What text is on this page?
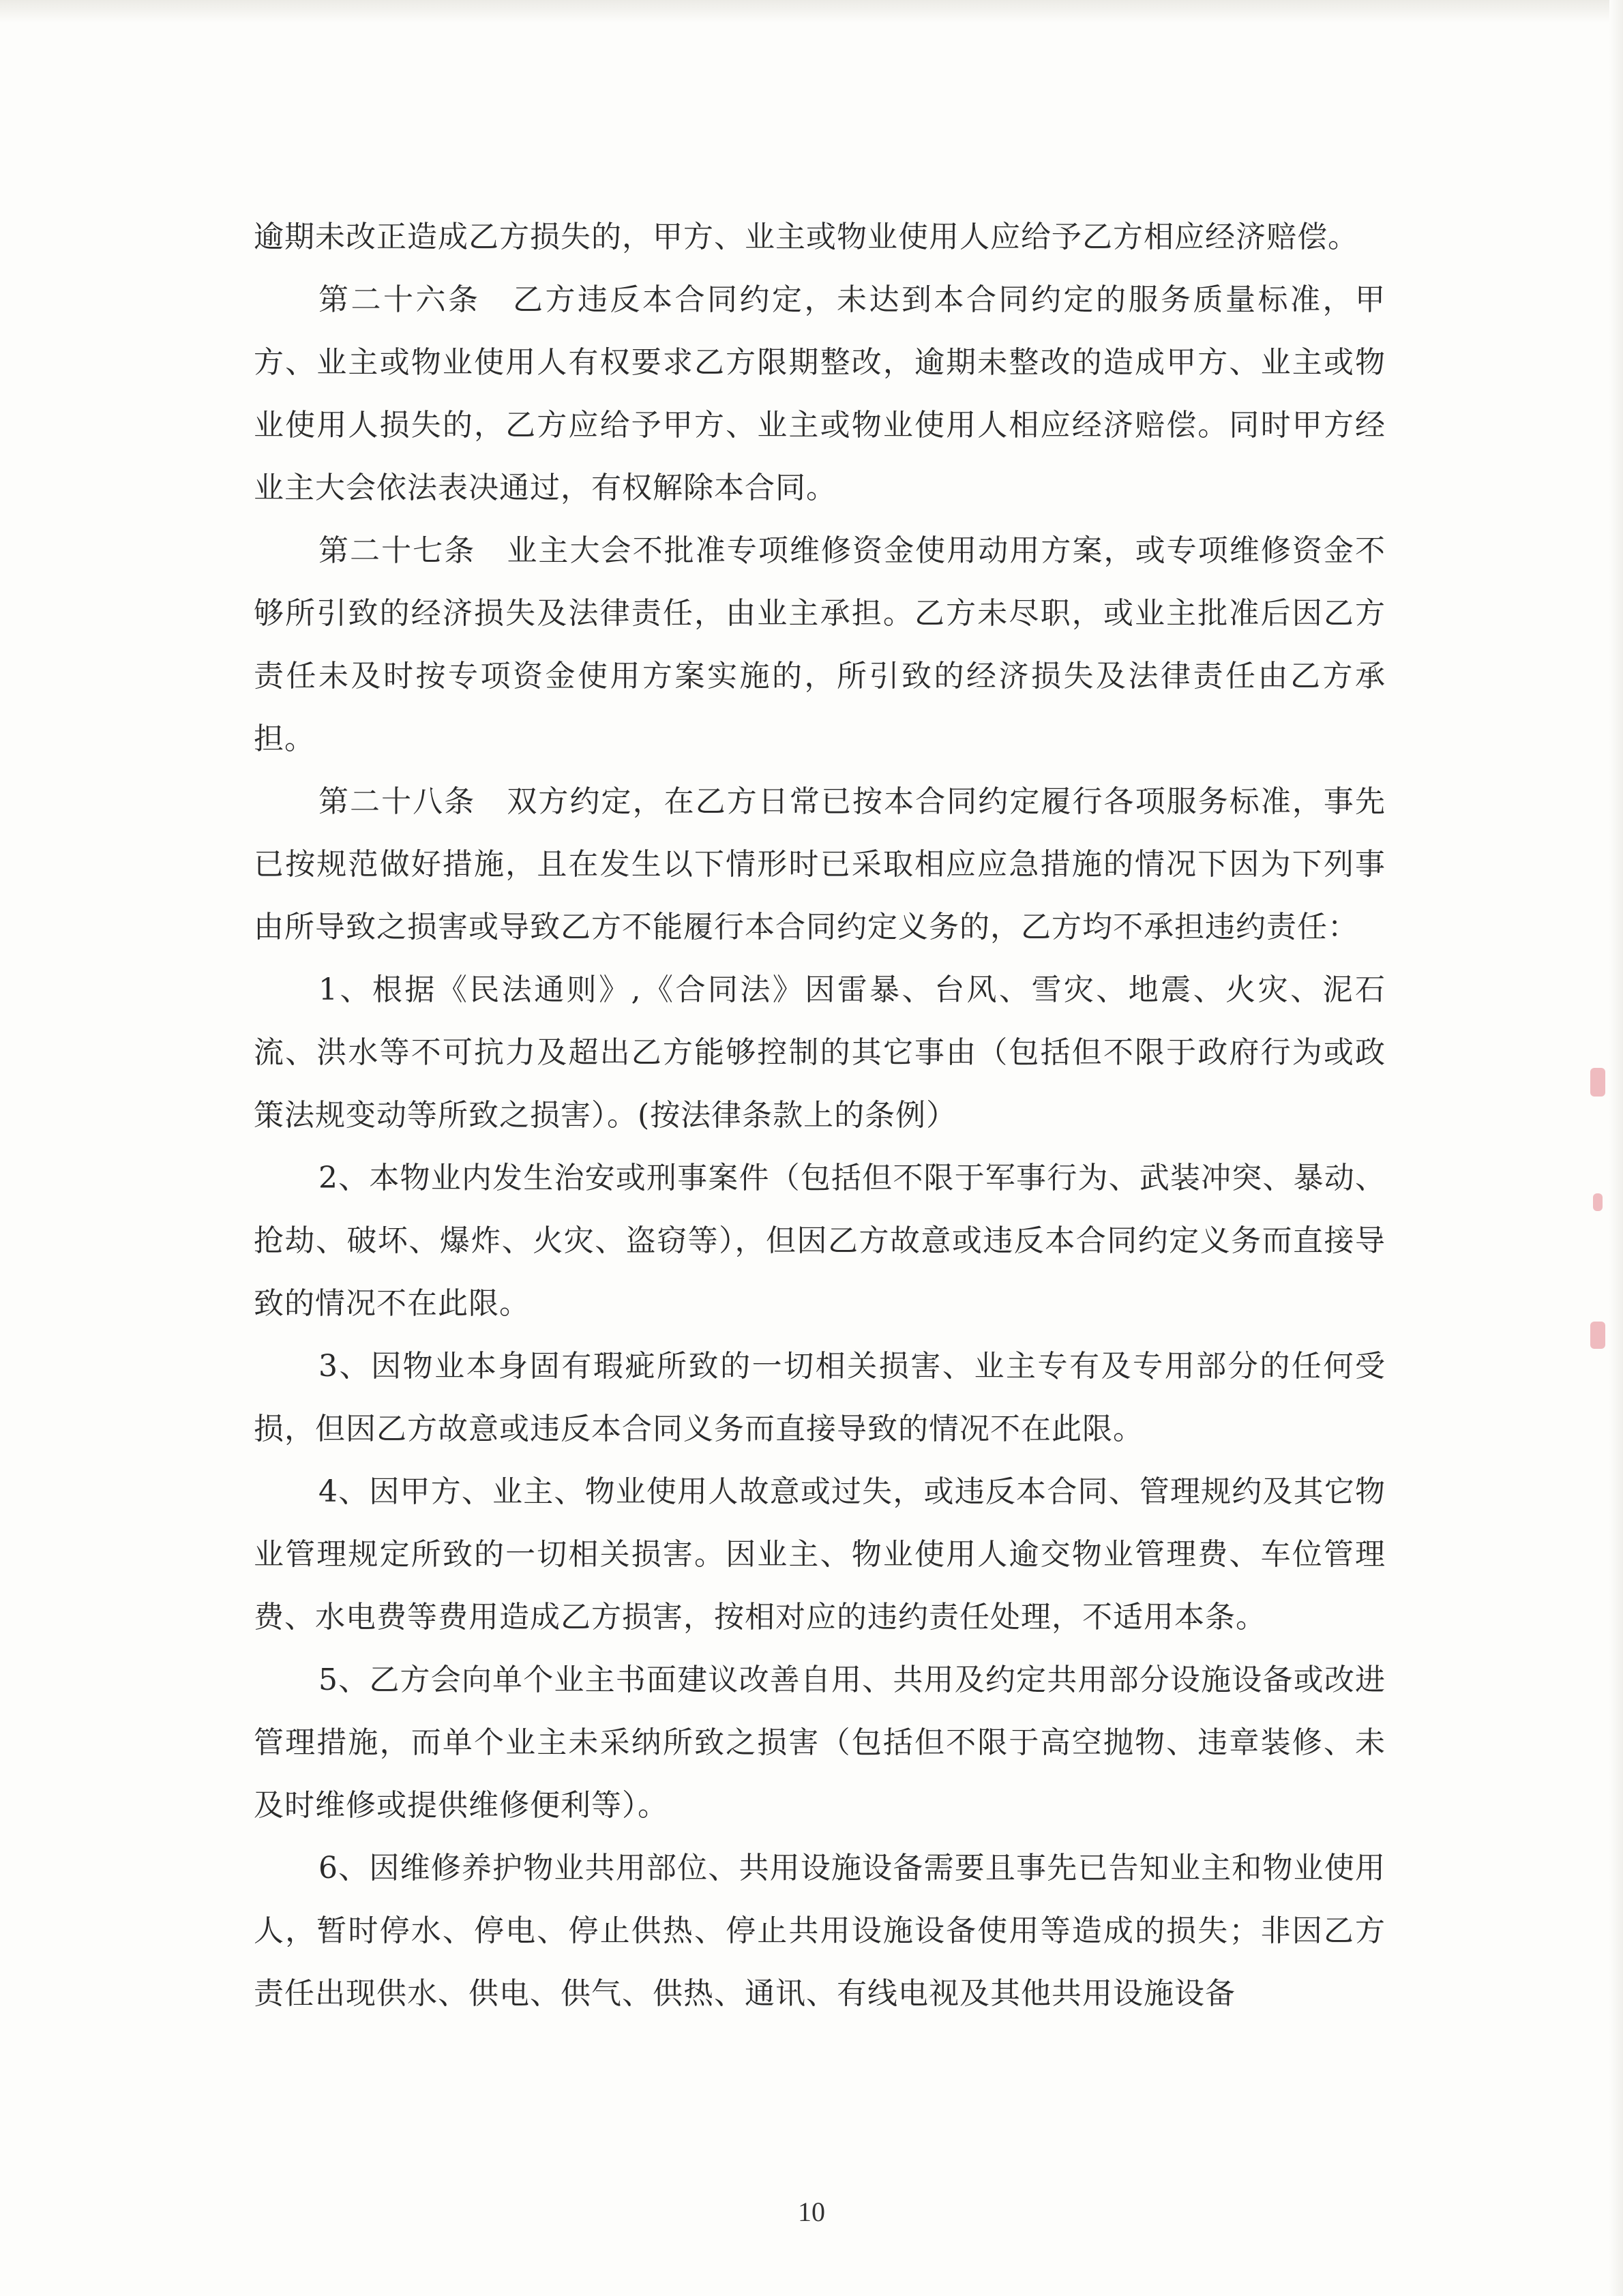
逾期未改正造成乙方损失的，甲方、业主或物业使用人应给予乙方相应经济赔偿。

第二十六条　乙方违反本合同约定，未达到本合同约定的服务质量标准，甲方、业主或物业使用人有权要求乙方限期整改，逾期未整改的造成甲方、业主或物业使用人损失的，乙方应给予甲方、业主或物业使用人相应经济赔偿。同时甲方经业主大会依法表决通过，有权解除本合同。

第二十七条　业主大会不批准专项维修资金使用动用方案，或专项维修资金不够所引致的经济损失及法律责任，由业主承担。乙方未尽职，或业主批准后因乙方责任未及时按专项资金使用方案实施的，所引致的经济损失及法律责任由乙方承担。

第二十八条　双方约定，在乙方日常已按本合同约定履行各项服务标准，事先已按规范做好措施，且在发生以下情形时已采取相应应急措施的情况下因为下列事由所导致之损害或导致乙方不能履行本合同约定义务的，乙方均不承担违约责任：

1、根据《民法通则》,《合同法》因雷暴、台风、雪灾、地震、火灾、泥石流、洪水等不可抗力及超出乙方能够控制的其它事由（包括但不限于政府行为或政策法规变动等所致之损害）。(按法律条款上的条例）

2、本物业内发生治安或刑事案件（包括但不限于军事行为、武装冲突、暴动、抢劫、破坏、爆炸、火灾、盗窃等），但因乙方故意或违反本合同约定义务而直接导致的情况不在此限。

3、因物业本身固有瑕疵所致的一切相关损害、业主专有及专用部分的任何受损，但因乙方故意或违反本合同义务而直接导致的情况不在此限。

4、因甲方、业主、物业使用人故意或过失，或违反本合同、管理规约及其它物业管理规定所致的一切相关损害。因业主、物业使用人逾交物业管理费、车位管理费、水电费等费用造成乙方损害，按相对应的违约责任处理，不适用本条。

5、乙方会向单个业主书面建议改善自用、共用及约定共用部分设施设备或改进管理措施，而单个业主未采纳所致之损害（包括但不限于高空抛物、违章装修、未及时维修或提供维修便利等）。

6、因维修养护物业共用部位、共用设施设备需要且事先已告知业主和物业使用人，暂时停水、停电、停止供热、停止共用设施设备使用等造成的损失；非因乙方责任出现供水、供电、供气、供热、通讯、有线电视及其他共用设施设备

10
